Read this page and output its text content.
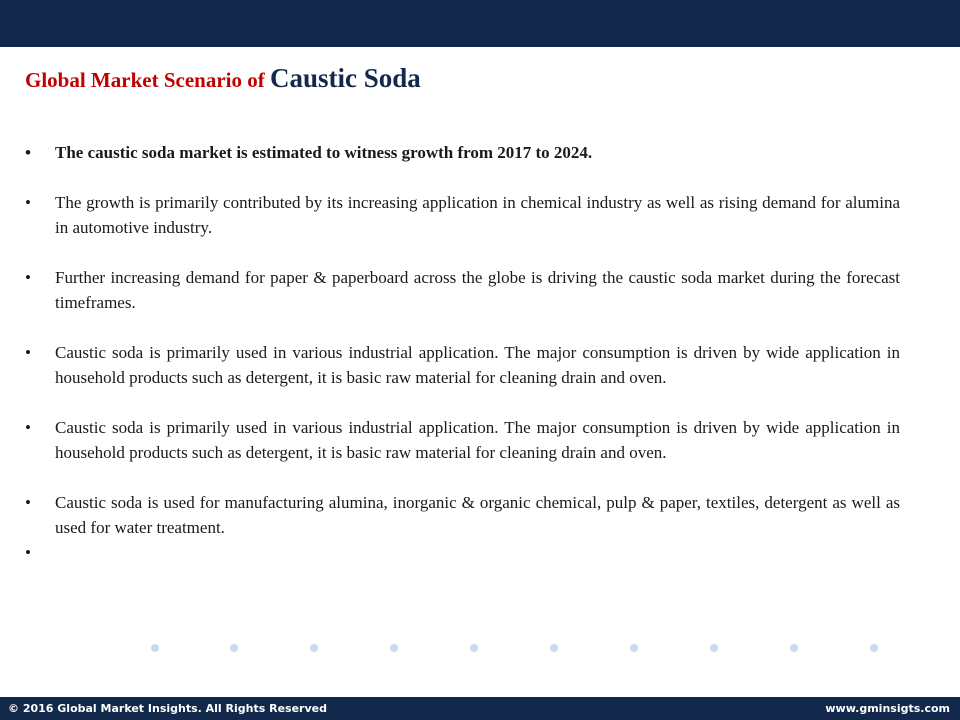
Global Market Scenario of Caustic Soda
• The caustic soda market is estimated to witness growth from 2017 to 2024.
• The growth is primarily contributed by its increasing application in chemical industry as well as rising demand for alumina in automotive industry.
• Further increasing demand for paper & paperboard across the globe is driving the caustic soda market during the forecast timeframes.
• Caustic soda is primarily used in various industrial application. The major consumption is driven by wide application in household products such as detergent, it is basic raw material for cleaning drain and oven.
• Caustic soda is primarily used in various industrial application. The major consumption is driven by wide application in household products such as detergent, it is basic raw material for cleaning drain and oven.
• Caustic soda is used for manufacturing alumina, inorganic & organic chemical, pulp & paper, textiles, detergent as well as used for water treatment.
•
© 2016 Global Market Insights. All Rights Reserved	www.gminsigts.com
